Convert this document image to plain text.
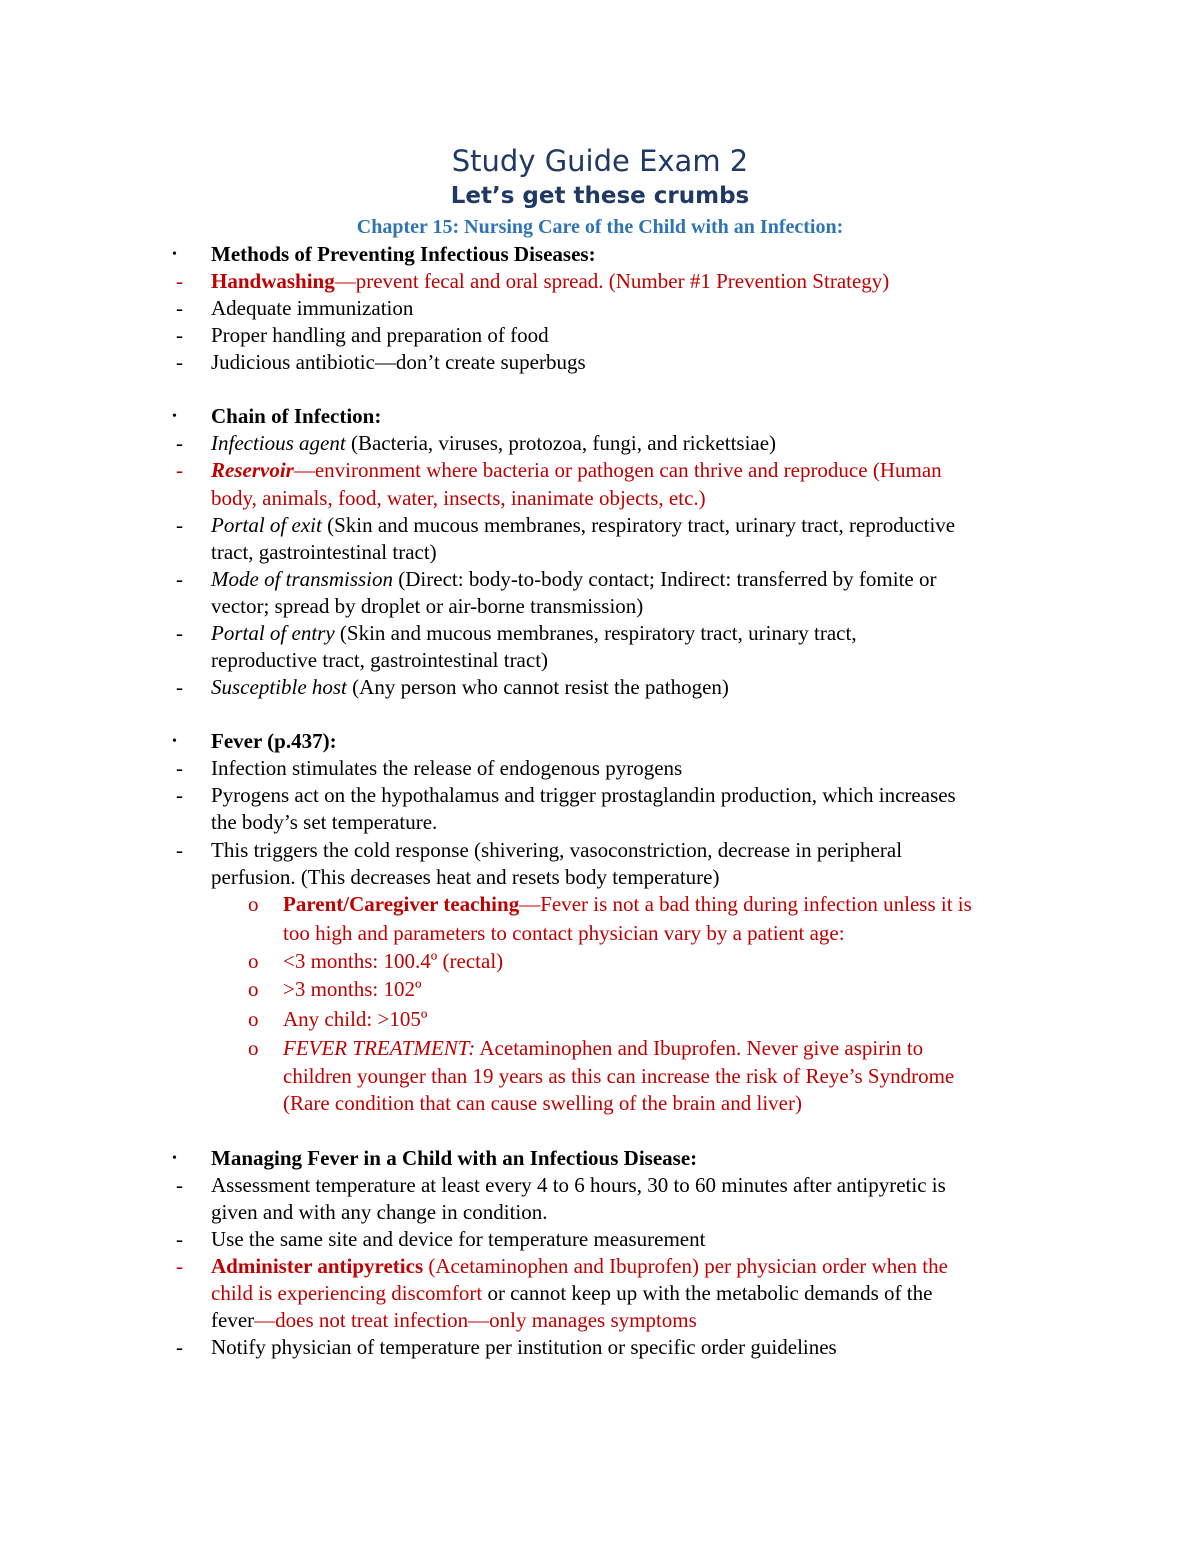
Study Guide Exam 2
Let’s get these crumbs
Chapter 15: Nursing Care of the Child with an Infection:
• Methods of Preventing Infectious Diseases:
- Handwashing—prevent fecal and oral spread. (Number #1 Prevention Strategy)
- Adequate immunization
- Proper handling and preparation of food
- Judicious antibiotic—don’t create superbugs
• Chain of Infection:
- Infectious agent (Bacteria, viruses, protozoa, fungi, and rickettsiae)
- Reservoir—environment where bacteria or pathogen can thrive and reproduce (Human
body, animals, food, water, insects, inanimate objects, etc.)
- Portal of exit (Skin and mucous membranes, respiratory tract, urinary tract, reproductive
tract, gastrointestinal tract)
- Mode of transmission (Direct: body-to-body contact; Indirect: transferred by fomite or
vector; spread by droplet or air-borne transmission)
- Portal of entry (Skin and mucous membranes, respiratory tract, urinary tract,
reproductive tract, gastrointestinal tract)
- Susceptible host (Any person who cannot resist the pathogen)
• Fever (p.437):
- Infection stimulates the release of endogenous pyrogens
- Pyrogens act on the hypothalamus and trigger prostaglandin production, which increases
the body’s set temperature.
- This triggers the cold response (shivering, vasoconstriction, decrease in peripheral
perfusion. (This decreases heat and resets body temperature)
o Parent/Caregiver teaching—Fever is not a bad thing during infection unless it is
too high and parameters to contact physician vary by a patient age:
o <3 months: 100.4º (rectal)
o >3 months: 102º
o Any child: >105º
o FEVER TREATMENT: Acetaminophen and Ibuprofen. Never give aspirin to
children younger than 19 years as this can increase the risk of Reye’s Syndrome
(Rare condition that can cause swelling of the brain and liver)
• Managing Fever in a Child with an Infectious Disease:
- Assessment temperature at least every 4 to 6 hours, 30 to 60 minutes after antipyretic is
given and with any change in condition.
- Use the same site and device for temperature measurement
- Administer antipyretics (Acetaminophen and Ibuprofen) per physician order when the
child is experiencing discomfort or cannot keep up with the metabolic demands of the
fever—does not treat infection—only manages symptoms
- Notify physician of temperature per institution or specific order guidelines
